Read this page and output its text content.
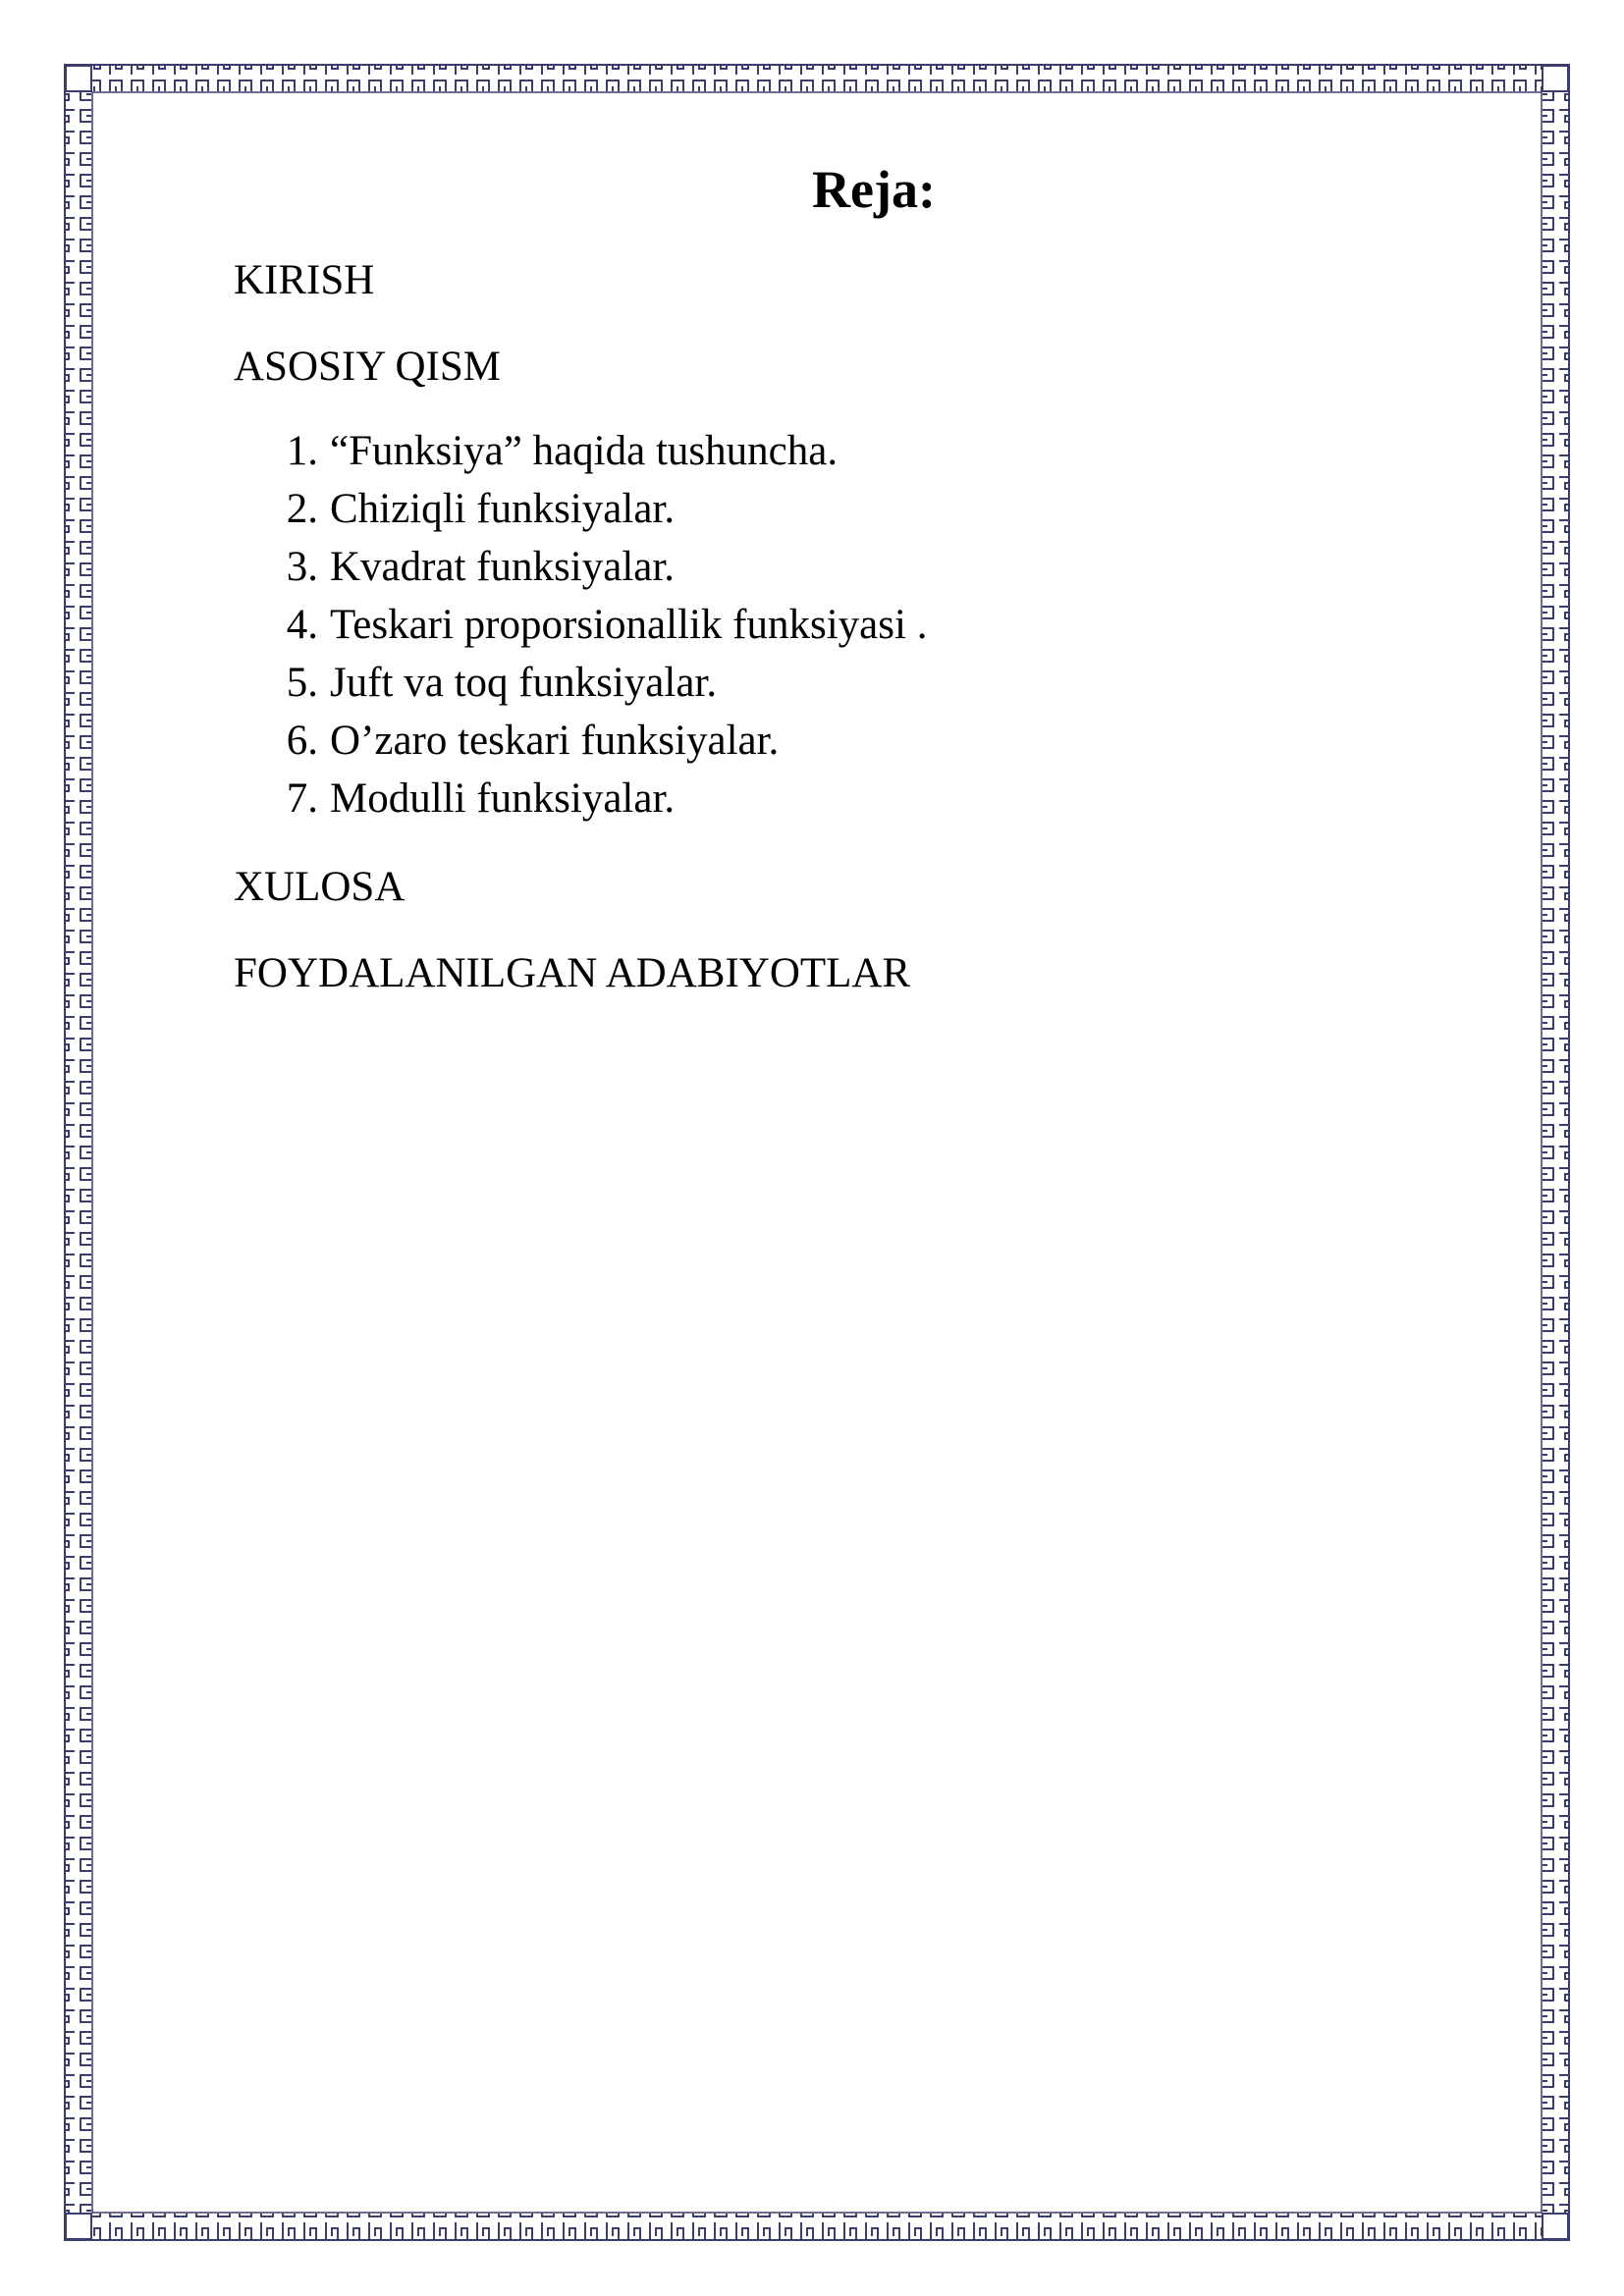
Reja:

KIRISH

ASOSIY QISM

1. “Funksiya” haqida tushuncha.
2. Chiziqli funksiyalar.
3. Kvadrat funksiyalar.
4. Teskari proporsionallik funksiyasi .
5. Juft va toq funksiyalar.
6. O’zaro teskari funksiyalar.
7. Modulli funksiyalar.

XULOSA

FOYDALANILGAN ADABIYOTLAR
